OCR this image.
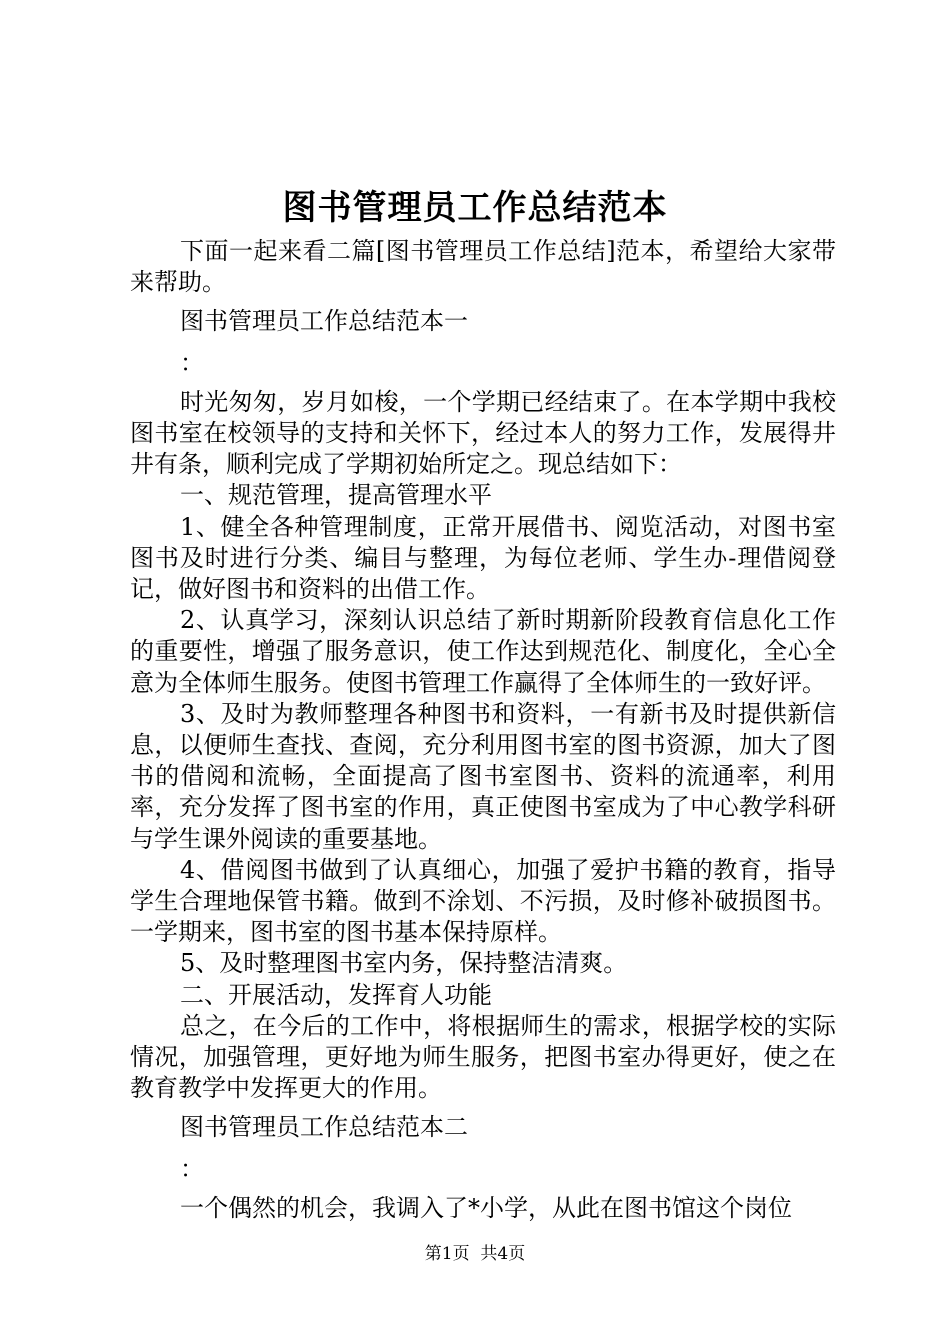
图书管理员工作总结范本

下面一起来看二篇[图书管理员工作总结]范本，希望给大家带来帮助。

图书管理员工作总结范本一

：

时光匆匆，岁月如梭，一个学期已经结束了。在本学期中我校图书室在校领导的支持和关怀下，经过本人的努力工作，发展得井井有条，顺利完成了学期初始所定之。现总结如下：

一、规范管理，提高管理水平

1、健全各种管理制度，正常开展借书、阅览活动，对图书室图书及时进行分类、编目与整理，为每位老师、学生办-理借阅登记，做好图书和资料的出借工作。

2、认真学习，深刻认识总结了新时期新阶段教育信息化工作的重要性，增强了服务意识，使工作达到规范化、制度化，全心全意为全体师生服务。使图书管理工作赢得了全体师生的一致好评。

3、及时为教师整理各种图书和资料，一有新书及时提供新信息，以便师生查找、查阅，充分利用图书室的图书资源，加大了图书的借阅和流畅，全面提高了图书室图书、资料的流通率，利用率，充分发挥了图书室的作用，真正使图书室成为了中心教学科研与学生课外阅读的重要基地。

4、借阅图书做到了认真细心，加强了爱护书籍的教育，指导学生合理地保管书籍。做到不涂划、不污损，及时修补破损图书。一学期来，图书室的图书基本保持原样。

5、及时整理图书室内务，保持整洁清爽。

二、开展活动，发挥育人功能

总之，在今后的工作中，将根据师生的需求，根据学校的实际情况，加强管理，更好地为师生服务，把图书室办得更好，使之在教育教学中发挥更大的作用。

图书管理员工作总结范本二

：

一个偶然的机会，我调入了*小学，从此在图书馆这个岗位

第1页 共4页
